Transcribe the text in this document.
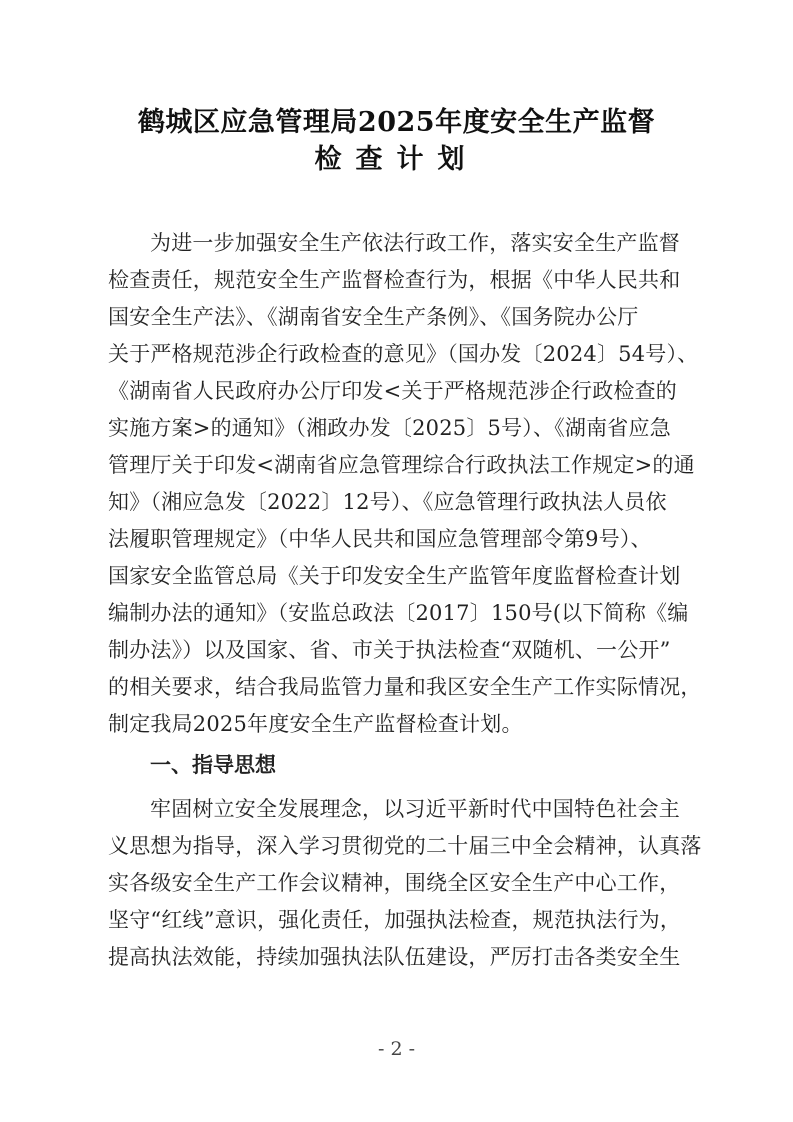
鹤城区应急管理局2025年度安全生产监督
检查计划
为进一步加强安全生产依法行政工作，落实安全生产监督
检查责任，规范安全生产监督检查行为，根据《中华人民共和
国安全生产法》、《湖南省安全生产条例》、《国务院办公厅
关于严格规范涉企行政检查的意见》（国办发〔2024〕54号）、
《湖南省人民政府办公厅印发<关于严格规范涉企行政检查的
实施方案>的通知》（湘政办发〔2025〕5号）、《湖南省应急
管理厅关于印发<湖南省应急管理综合行政执法工作规定>的通
知》（湘应急发〔2022〕12号）、《应急管理行政执法人员依
法履职管理规定》（中华人民共和国应急管理部令第9号）、
国家安全监管总局《关于印发安全生产监管年度监督检查计划
编制办法的通知》（安监总政法〔2017〕150号(以下简称《编
制办法》）以及国家、省、市关于执法检查“双随机、一公开”
的相关要求，结合我局监管力量和我区安全生产工作实际情况，
制定我局2025年度安全生产监督检查计划。
一、指导思想
牢固树立安全发展理念，以习近平新时代中国特色社会主
义思想为指导，深入学习贯彻党的二十届三中全会精神，认真落
实各级安全生产工作会议精神，围绕全区安全生产中心工作，
坚守“红线”意识，强化责任，加强执法检查，规范执法行为，
提高执法效能，持续加强执法队伍建设，严厉打击各类安全生
- 2 -
